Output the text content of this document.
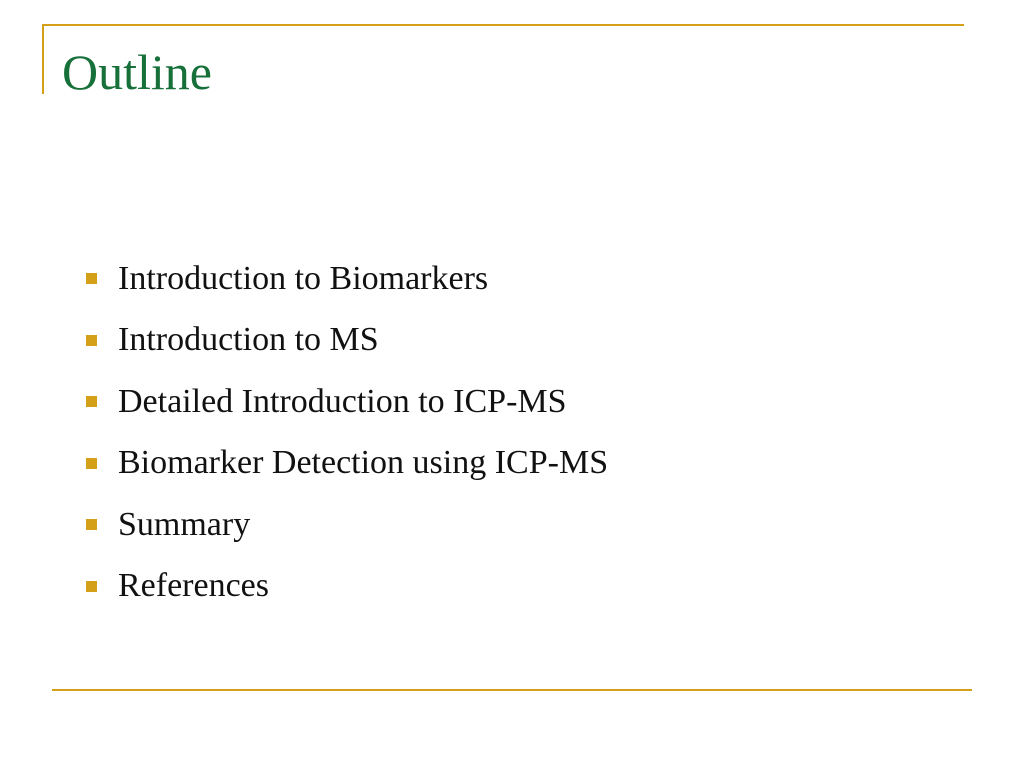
Outline
Introduction to Biomarkers
Introduction to MS
Detailed Introduction to ICP-MS
Biomarker Detection using ICP-MS
Summary
References
